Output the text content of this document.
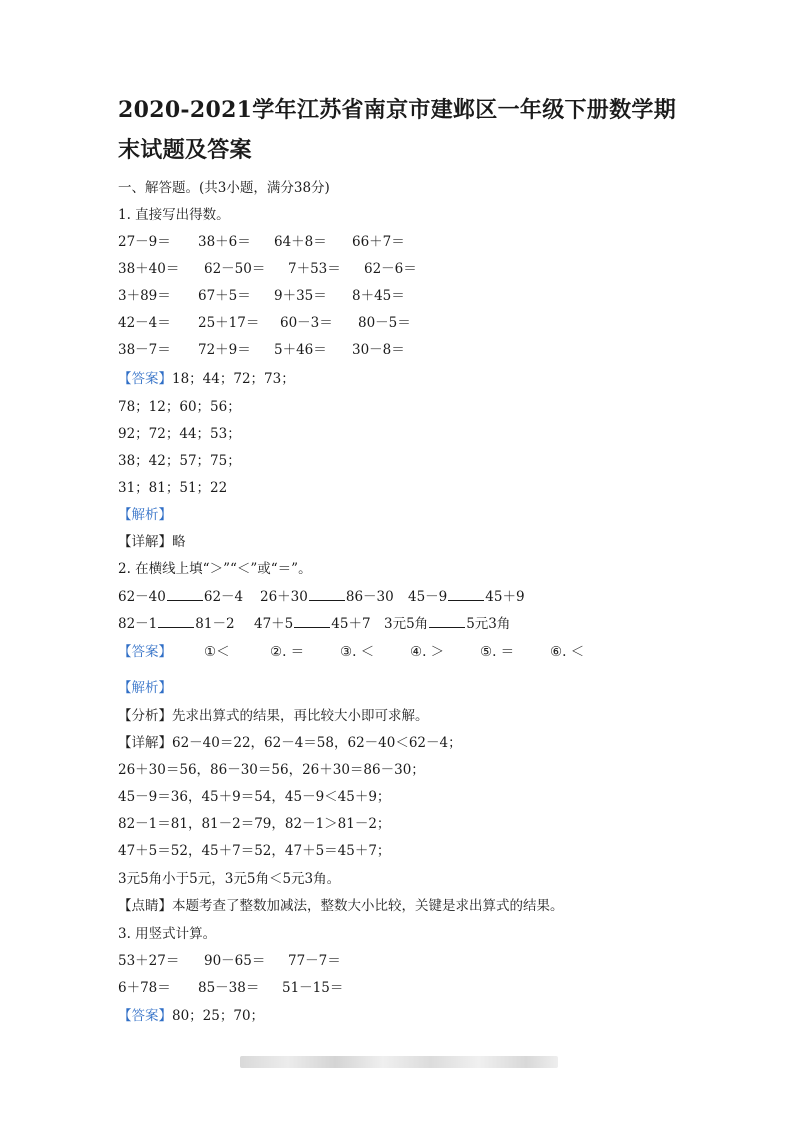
2020-2021学年江苏省南京市建邺区一年级下册数学期末试题及答案
一、解答题。(共3小题，满分38分)
1. 直接写出得数。
27－9＝ 38＋6＝ 64＋8＝ 66＋7＝
38＋40＝ 62－50＝ 7＋53＝ 62－6＝
3＋89＝ 67＋5＝ 9＋35＝ 8＋45＝
42－4＝ 25＋17＝ 60－3＝ 80－5＝
38－7＝ 72＋9＝ 5＋46＝ 30－8＝
【答案】18；44；72；73；
78；12；60；56；
92；72；44；53；
38；42；57；75；
31；81；51；22
【解析】
【详解】略
2. 在横线上填“＞”“＜”或“＝”。
62－40	62－4 26＋30	86－30 45－9	45＋9
82－1	81－2 47＋5	45＋7 3元5角	5元3角
【答案】 ①＜	②. ＝	③. ＜	④. ＞	⑤. ＝	⑥. ＜
【解析】
【分析】先求出算式的结果，再比较大小即可求解。
【详解】62－40＝22，62－4＝58，62－40＜62－4；
26＋30＝56，86－30＝56，26＋30＝86－30；
45－9＝36，45＋9＝54，45－9＜45＋9；
82－1＝81，81－2＝79，82－1＞81－2；
47＋5＝52，45＋7＝52，47＋5＝45＋7；
3元5角小于5元，3元5角＜5元3角。
【点睛】本题考查了整数加减法，整数大小比较，关键是求出算式的结果。
3. 用竖式计算。
53＋27＝ 90－65＝ 77－7＝
6＋78＝ 85－38＝ 51－15＝
【答案】80；25；70；
